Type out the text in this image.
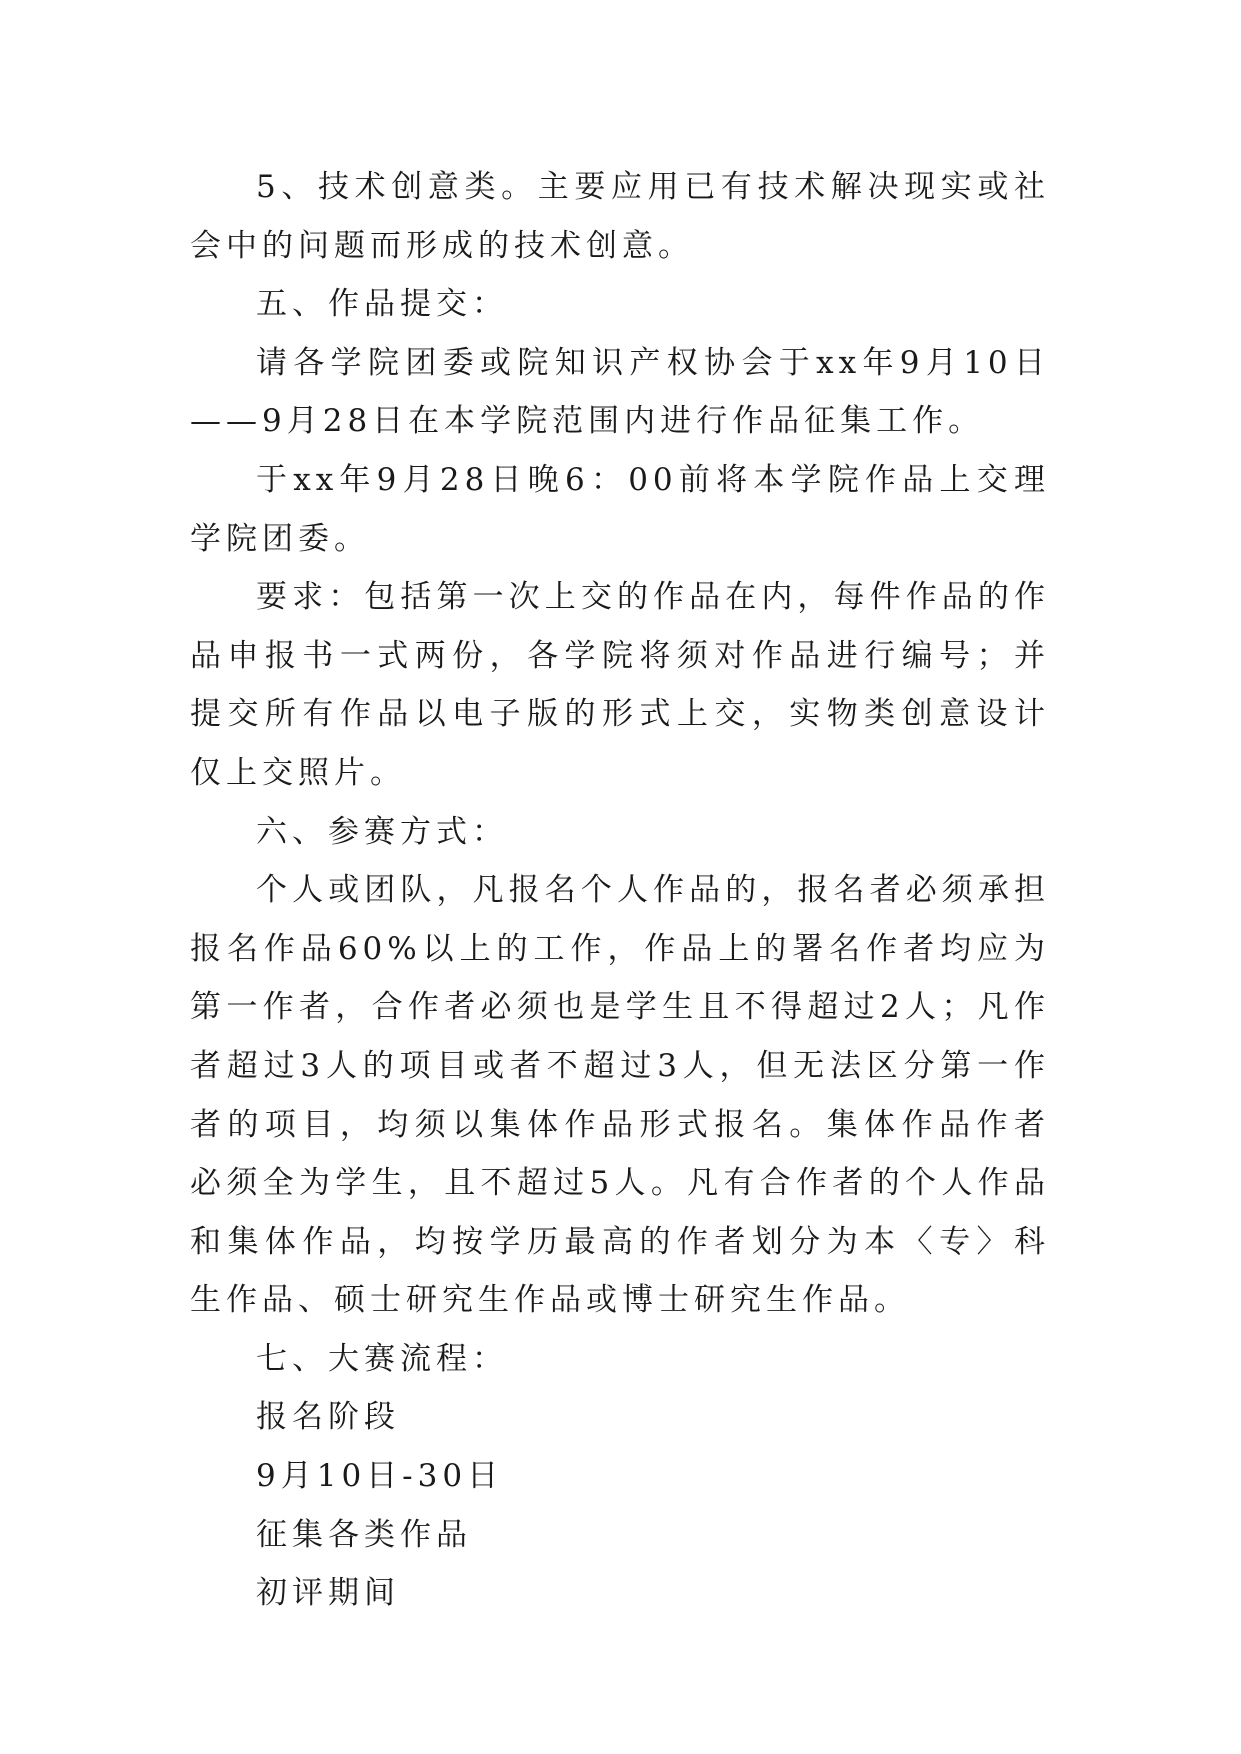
5、技术创意类。主要应用已有技术解决现实或社会中的问题而形成的技术创意。

五、作品提交：

请各学院团委或院知识产权协会于xx年9月10日——9月28日在本学院范围内进行作品征集工作。

于xx年9月28日晚6：00前将本学院作品上交理学院团委。

要求：包括第一次上交的作品在内，每件作品的作品申报书一式两份，各学院将须对作品进行编号；并提交所有作品以电子版的形式上交，实物类创意设计仅上交照片。

六、参赛方式：

个人或团队，凡报名个人作品的，报名者必须承担报名作品60%以上的工作，作品上的署名作者均应为第一作者，合作者必须也是学生且不得超过2人；凡作者超过3人的项目或者不超过3人，但无法区分第一作者的项目，均须以集体作品形式报名。集体作品作者必须全为学生，且不超过5人。凡有合作者的个人作品和集体作品，均按学历最高的作者划分为本〈专〉科生作品、硕士研究生作品或博士研究生作品。

七、大赛流程：

报名阶段

9月10日-30日

征集各类作品

初评期间
